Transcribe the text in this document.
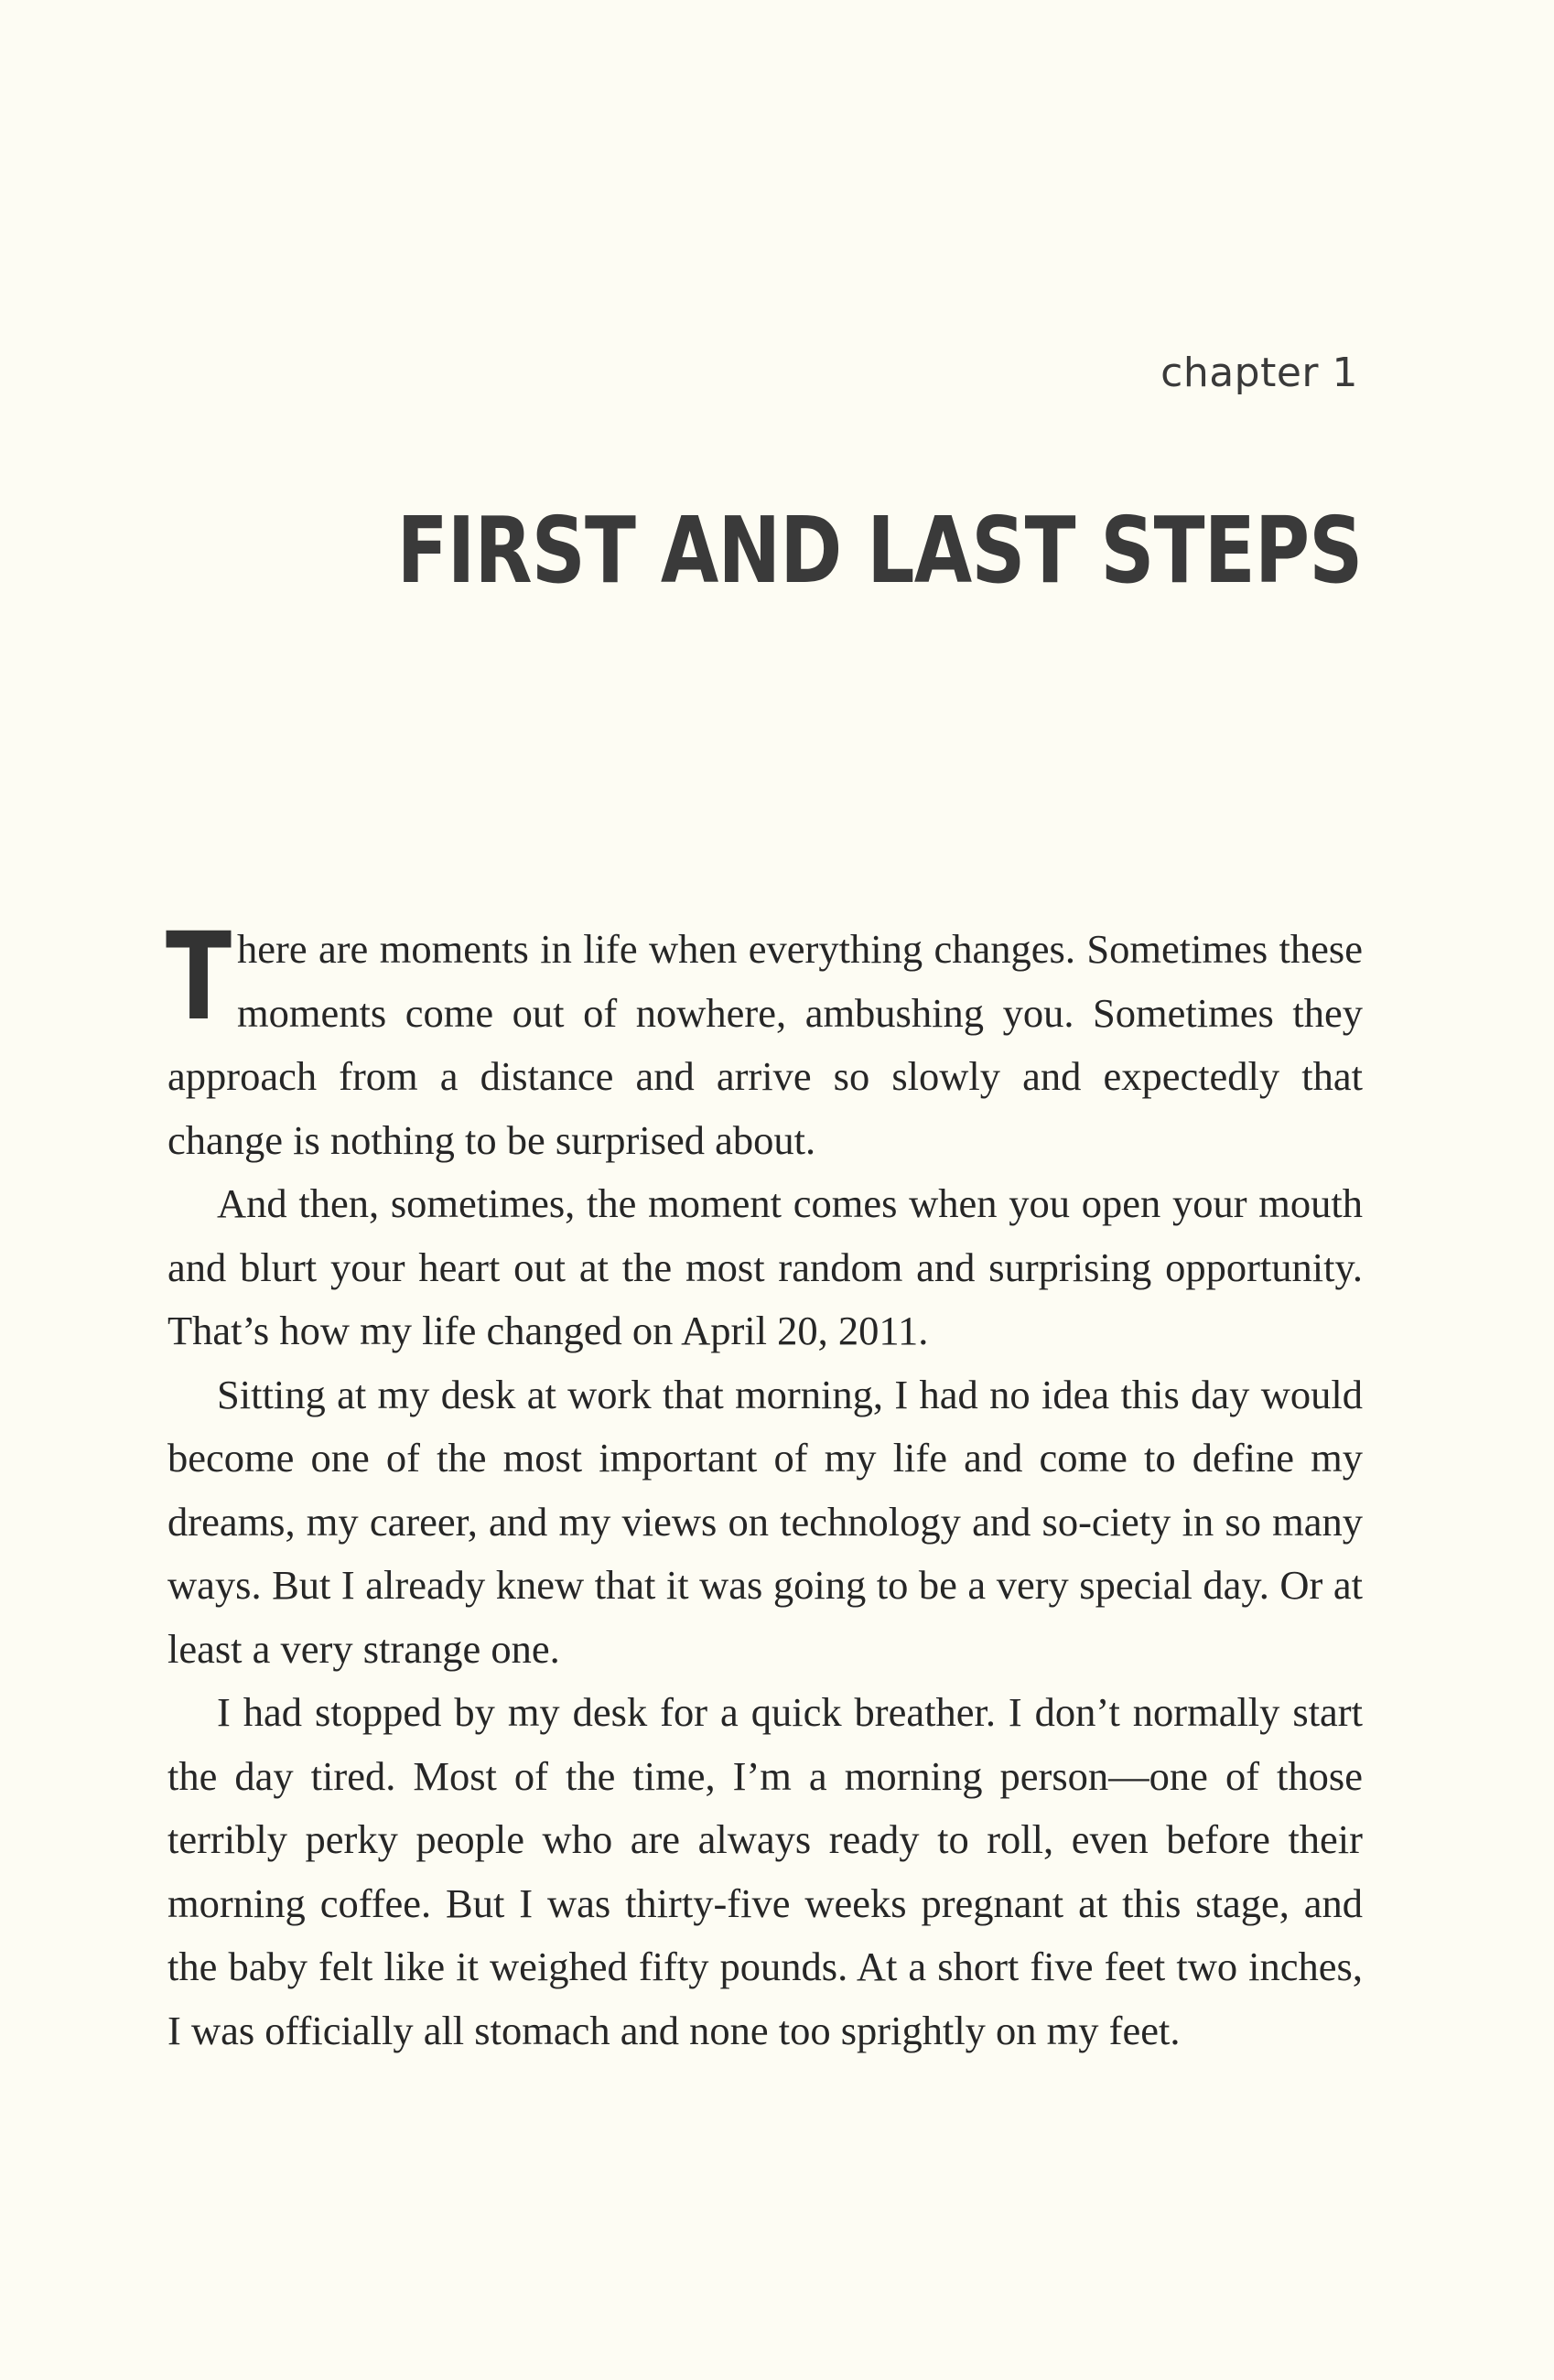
chapter 1
FIRST AND LAST STEPS

There are moments in life when everything changes. Sometimes these moments come out of nowhere, ambushing you. Sometimes they approach from a distance and arrive so slowly and expectedly that change is nothing to be surprised about.

And then, sometimes, the moment comes when you open your mouth and blurt your heart out at the most random and surprising opportunity. That’s how my life changed on April 20, 2011.

Sitting at my desk at work that morning, I had no idea this day would become one of the most important of my life and come to define my dreams, my career, and my views on technology and so-ciety in so many ways. But I already knew that it was going to be a very special day. Or at least a very strange one.

I had stopped by my desk for a quick breather. I don’t normally start the day tired. Most of the time, I’m a morning person—one of those terribly perky people who are always ready to roll, even before their morning coffee. But I was thirty-five weeks pregnant at this stage, and the baby felt like it weighed fifty pounds. At a short five feet two inches, I was officially all stomach and none too sprightly on my feet.
